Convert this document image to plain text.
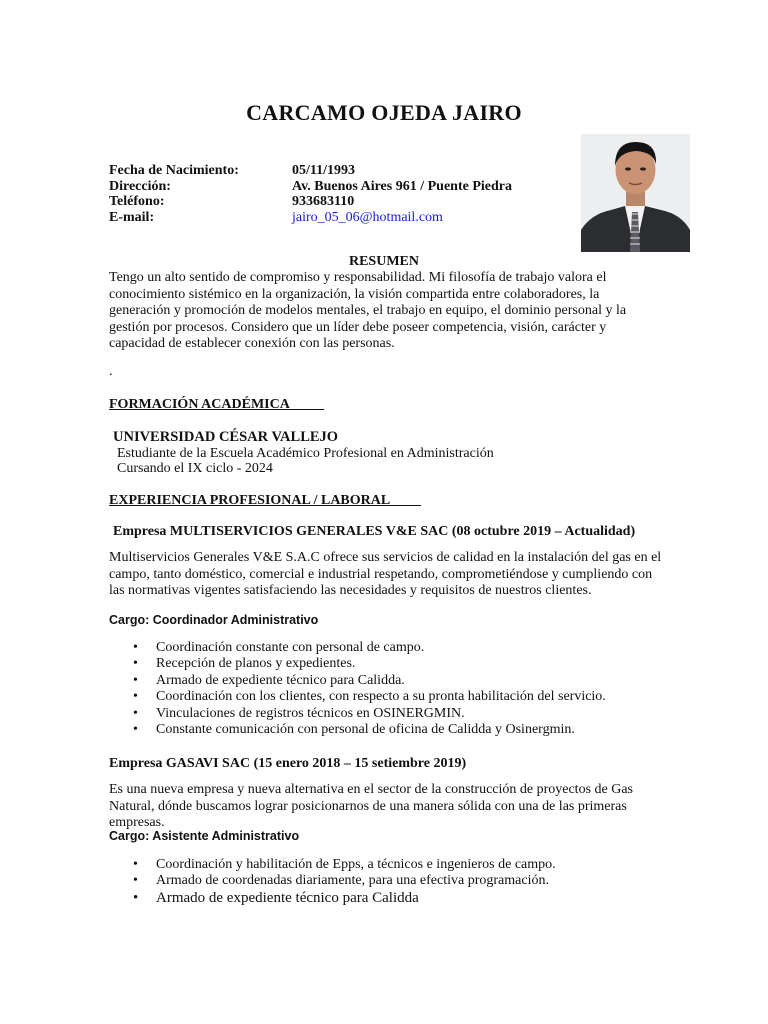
CARCAMO OJEDA JAIRO
Fecha de Nacimiento:	05/11/1993
Dirección:	Av. Buenos Aires 961 / Puente Piedra
Teléfono:	933683110
E-mail:	jairo_05_06@hotmail.com
RESUMEN
Tengo un alto sentido de compromiso y responsabilidad. Mi filosofía de trabajo valora el conocimiento sistémico en la organización, la visión compartida entre colaboradores, la generación y promoción de modelos mentales, el trabajo en equipo, el dominio personal y la gestión por procesos. Considero que un líder debe poseer competencia, visión, carácter y capacidad de establecer conexión con las personas.
.
FORMACIÓN ACADÉMICA
UNIVERSIDAD CÉSAR VALLEJO
Estudiante de la Escuela Académico Profesional en Administración
Cursando el IX ciclo - 2024
EXPERIENCIA PROFESIONAL / LABORAL
Empresa MULTISERVICIOS GENERALES V&E SAC (08 octubre 2019 – Actualidad)
Multiservicios Generales V&E S.A.C ofrece sus servicios de calidad en la instalación del gas en el campo, tanto doméstico, comercial e industrial respetando, comprometiéndose y cumpliendo con las normativas vigentes satisfaciendo las necesidades y requisitos de nuestros clientes.
Cargo: Coordinador Administrativo
• Coordinación constante con personal de campo.
• Recepción de planos y expedientes.
• Armado de expediente técnico para Calidda.
• Coordinación con los clientes, con respecto a su pronta habilitación del servicio.
• Vinculaciones de registros técnicos en OSINERGMIN.
• Constante comunicación con personal de oficina de Calidda y Osinergmin.
Empresa GASAVI SAC (15 enero 2018 – 15 setiembre 2019)
Es una nueva empresa y nueva alternativa en el sector de la construcción de proyectos de Gas Natural, dónde buscamos lograr posicionarnos de una manera sólida con una de las primeras empresas.
Cargo: Asistente Administrativo
• Coordinación y habilitación de Epps, a técnicos e ingenieros de campo.
• Armado de coordenadas diariamente, para una efectiva programación.
• Armado de expediente técnico para Calidda
